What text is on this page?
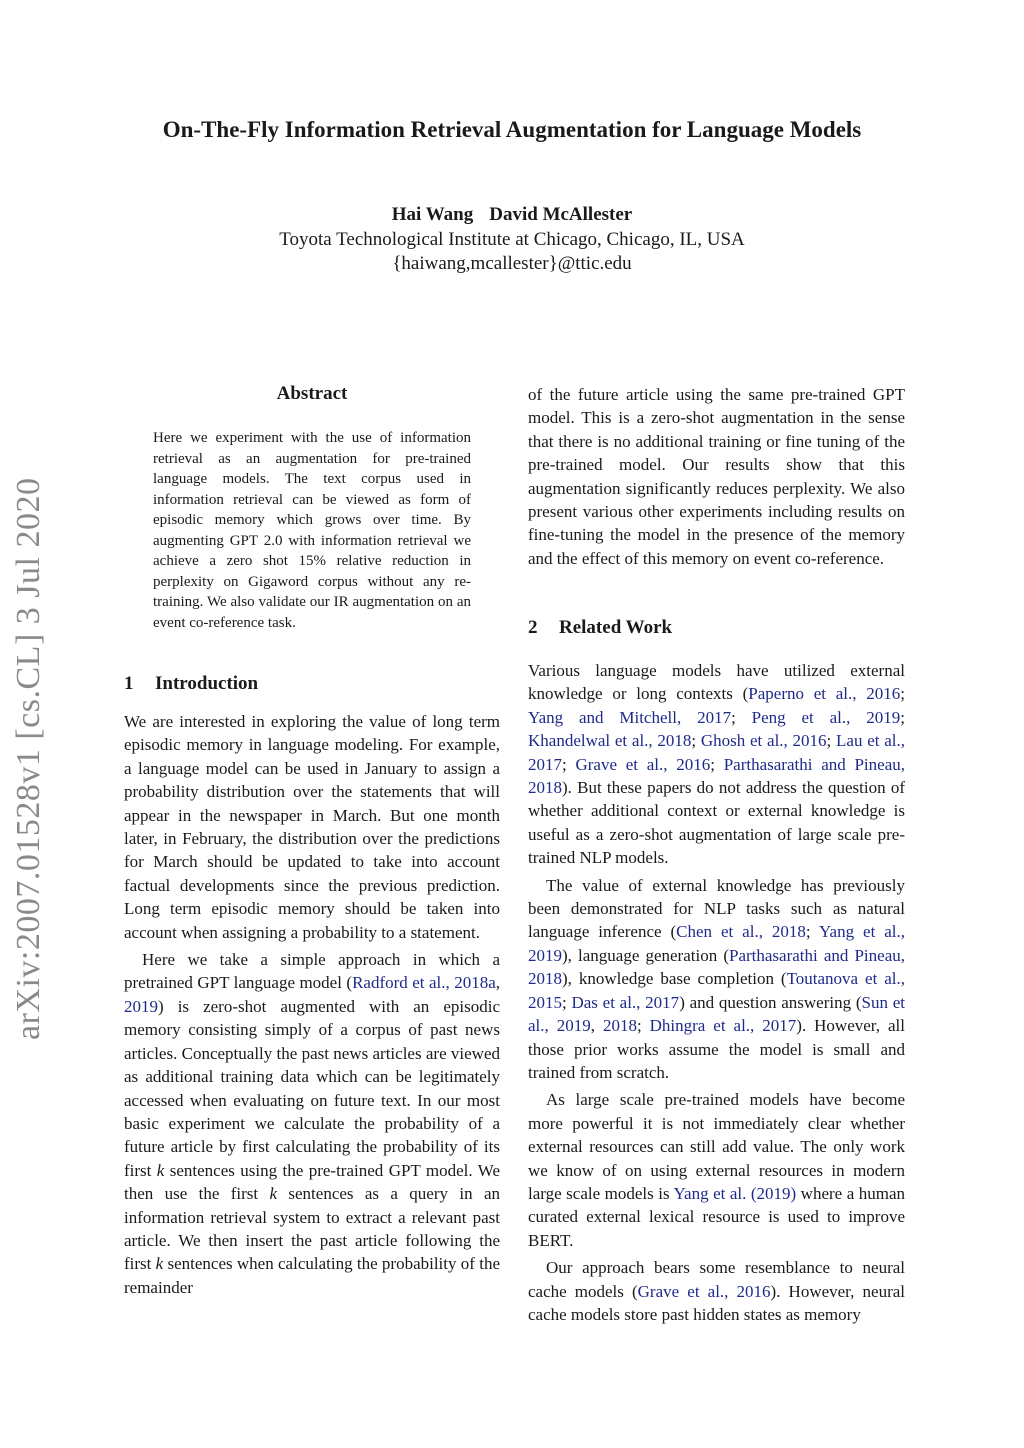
On-The-Fly Information Retrieval Augmentation for Language Models
Hai Wang David McAllester
Toyota Technological Institute at Chicago, Chicago, IL, USA
{haiwang,mcallester}@ttic.edu
arXiv:2007.01528v1 [cs.CL] 3 Jul 2020
Abstract
Here we experiment with the use of information retrieval as an augmentation for pre-trained language models. The text corpus used in information retrieval can be viewed as form of episodic memory which grows over time. By augmenting GPT 2.0 with information retrieval we achieve a zero shot 15% relative reduction in perplexity on Gigaword corpus without any re-training. We also validate our IR augmentation on an event co-reference task.
1 Introduction

We are interested in exploring the value of long term episodic memory in language modeling. For example, a language model can be used in January to assign a probability distribution over the statements that will appear in the newspaper in March. But one month later, in February, the distribution over the predictions for March should be updated to take into account factual developments since the previous prediction. Long term episodic memory should be taken into account when assigning a probability to a statement.

Here we take a simple approach in which a pretrained GPT language model (Radford et al., 2018a, 2019) is zero-shot augmented with an episodic memory consisting simply of a corpus of past news articles. Conceptually the past news articles are viewed as additional training data which can be legitimately accessed when evaluating on future text. In our most basic experiment we calculate the probability of a future article by first calculating the probability of its first k sentences using the pre-trained GPT model. We then use the first k sentences as a query in an information retrieval system to extract a relevant past article. We then insert the past article following the first k sentences when calculating the probability of the remainder

of the future article using the same pre-trained GPT model. This is a zero-shot augmentation in the sense that there is no additional training or fine tuning of the pre-trained model. Our results show that this augmentation significantly reduces perplexity. We also present various other experiments including results on fine-tuning the model in the presence of the memory and the effect of this memory on event co-reference.

2 Related Work

Various language models have utilized external knowledge or long contexts (Paperno et al., 2016; Yang and Mitchell, 2017; Peng et al., 2019; Khandelwal et al., 2018; Ghosh et al., 2016; Lau et al., 2017; Grave et al., 2016; Parthasarathi and Pineau, 2018). But these papers do not address the question of whether additional context or external knowledge is useful as a zero-shot augmentation of large scale pre-trained NLP models.

The value of external knowledge has previously been demonstrated for NLP tasks such as natural language inference (Chen et al., 2018; Yang et al., 2019), language generation (Parthasarathi and Pineau, 2018), knowledge base completion (Toutanova et al., 2015; Das et al., 2017) and question answering (Sun et al., 2019, 2018; Dhingra et al., 2017). However, all those prior works assume the model is small and trained from scratch.

As large scale pre-trained models have become more powerful it is not immediately clear whether external resources can still add value. The only work we know of on using external resources in modern large scale models is Yang et al. (2019) where a human curated external lexical resource is used to improve BERT.

Our approach bears some resemblance to neural cache models (Grave et al., 2016). However, neural cache models store past hidden states as memory
